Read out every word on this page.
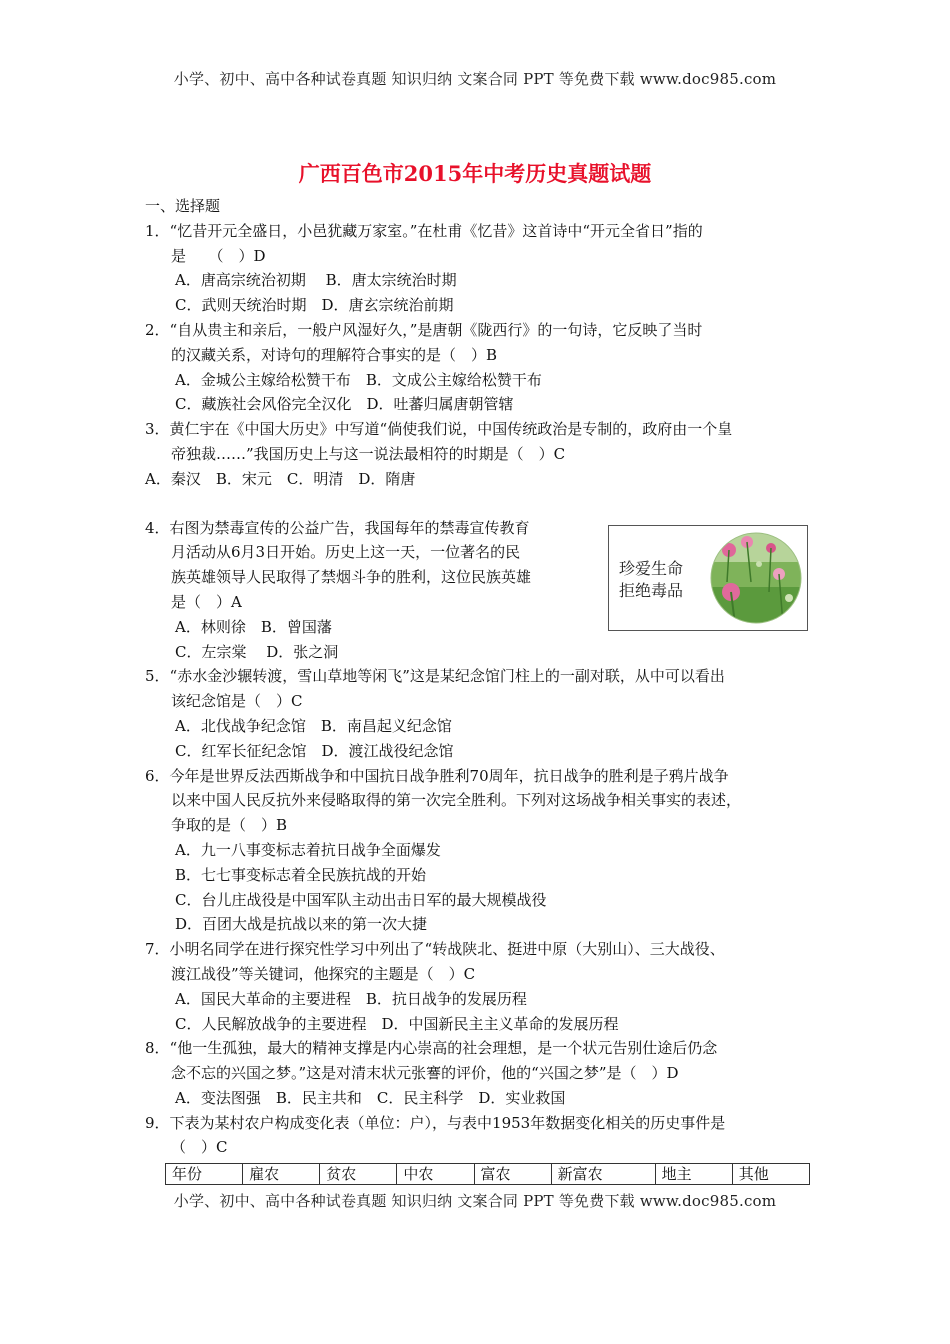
小学、初中、高中各种试卷真题 知识归纳 文案合同 PPT 等免费下载 www.doc985.com
广西百色市2015年中考历史真题试题
一、选择题
1．“忆昔开元全盛日，小邑犹藏万家室。”在杜甫《忆昔》这首诗中“开元全省日”指的
是　　（　）D
A．唐高宗统治初期　 B．唐太宗统治时期
C．武则天统治时期　D．唐玄宗统治前期
2．“自从贵主和亲后，一般户风湿好久，”是唐朝《陇西行》的一句诗，它反映了当时
的汉藏关系，对诗句的理解符合事实的是（　）B
A．金城公主嫁给松赞干布　B．文成公主嫁给松赞干布
C．藏族社会风俗完全汉化　D．吐蕃归属唐朝管辖
3．黄仁宇在《中国大历史》中写道“倘使我们说，中国传统政治是专制的，政府由一个皇
帝独裁……”我国历史上与这一说法最相符的时期是（　）C
A．秦汉　B．宋元　C．明清　D．隋唐
4．右图为禁毒宣传的公益广告，我国每年的禁毒宣传教育
月活动从6月3日开始。历史上这一天，一位著名的民
族英雄领导人民取得了禁烟斗争的胜利，这位民族英雄
是（　）A
A．林则徐　B．曾国藩
C．左宗棠　 D．张之洞
5．“赤水金沙辗转渡，雪山草地等闲飞”这是某纪念馆门柱上的一副对联，从中可以看出
该纪念馆是（　）C
A．北伐战争纪念馆　B．南昌起义纪念馆
C．红军长征纪念馆　D．渡江战役纪念馆
6．今年是世界反法西斯战争和中国抗日战争胜利70周年，抗日战争的胜利是子鸦片战争
以来中国人民反抗外来侵略取得的第一次完全胜利。下列对这场战争相关事实的表述，
争取的是（　）B
A．九一八事变标志着抗日战争全面爆发
B．七七事变标志着全民族抗战的开始
C．台儿庄战役是中国军队主动出击日军的最大规模战役
D．百团大战是抗战以来的第一次大捷
7．小明名同学在进行探究性学习中列出了“转战陕北、挺进中原（大别山）、三大战役、
渡江战役”等关键词，他探究的主题是（　）C
A．国民大革命的主要进程　B．抗日战争的发展历程
C．人民解放战争的主要进程　D．中国新民主主义革命的发展历程
8．“他一生孤独，最大的精神支撑是内心崇高的社会理想，是一个状元告别仕途后仍念
念不忘的兴国之梦。”这是对清末状元张謇的评价，他的“兴国之梦”是（　）D
A．变法图强　B．民主共和　C．民主科学　D．实业救国
9．下表为某村农户构成变化表（单位：户），与表中1953年数据变化相关的历史事件是
（　）C
珍爱生命
拒绝毒品
年份	雇农	贫农	中农	富农	新富农	地主	其他
小学、初中、高中各种试卷真题 知识归纳 文案合同 PPT 等免费下载 www.doc985.com
